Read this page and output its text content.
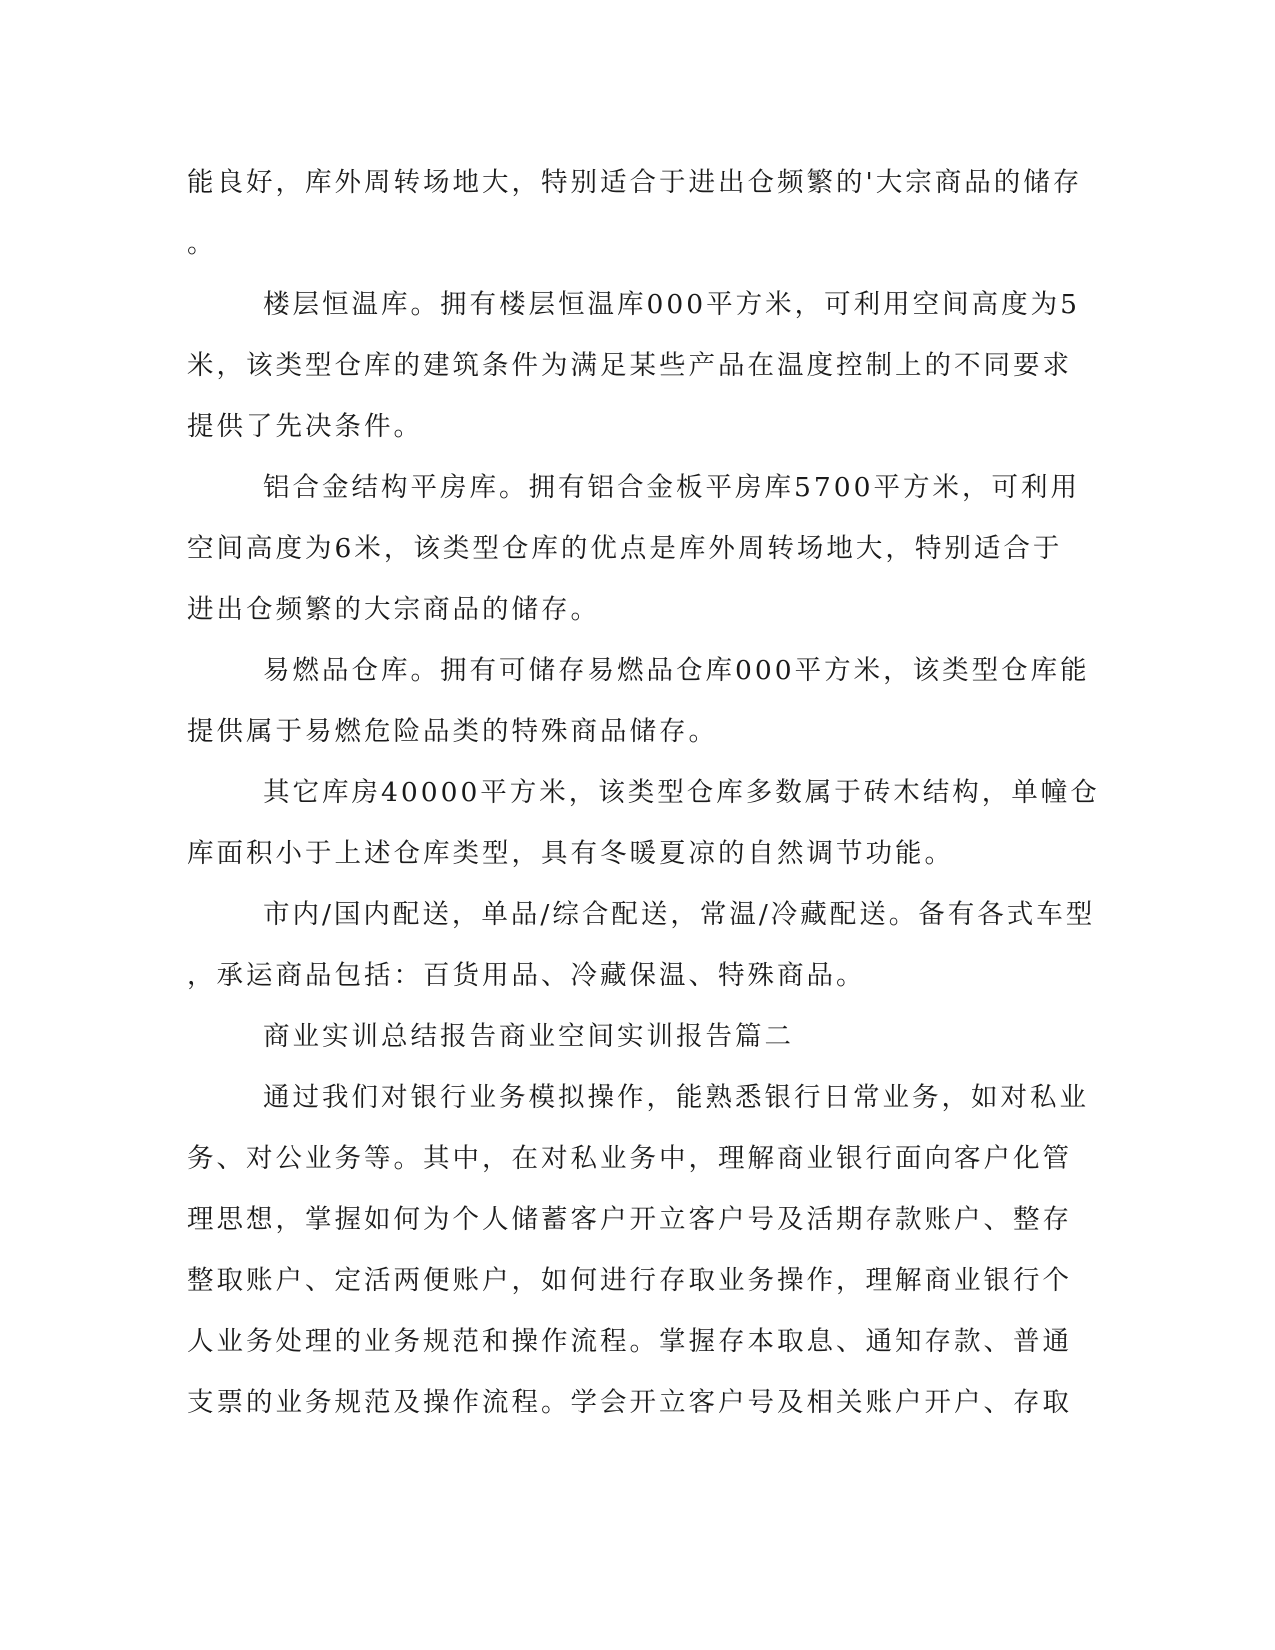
能良好，库外周转场地大，特别适合于进出仓频繁的'大宗商品的储存
。
楼层恒温库。拥有楼层恒温库000平方米，可利用空间高度为5
米，该类型仓库的建筑条件为满足某些产品在温度控制上的不同要求
提供了先决条件。
铝合金结构平房库。拥有铝合金板平房库5700平方米，可利用
空间高度为6米，该类型仓库的优点是库外周转场地大，特别适合于
进出仓频繁的大宗商品的储存。
易燃品仓库。拥有可储存易燃品仓库000平方米，该类型仓库能
提供属于易燃危险品类的特殊商品储存。
其它库房40000平方米，该类型仓库多数属于砖木结构，单幢仓
库面积小于上述仓库类型，具有冬暖夏凉的自然调节功能。
市内/国内配送，单品/综合配送，常温/冷藏配送。备有各式车型
，承运商品包括：百货用品、冷藏保温、特殊商品。
商业实训总结报告商业空间实训报告篇二
通过我们对银行业务模拟操作，能熟悉银行日常业务，如对私业
务、对公业务等。其中，在对私业务中，理解商业银行面向客户化管
理思想，掌握如何为个人储蓄客户开立客户号及活期存款账户、整存
整取账户、定活两便账户，如何进行存取业务操作，理解商业银行个
人业务处理的业务规范和操作流程。掌握存本取息、通知存款、普通
支票的业务规范及操作流程。学会开立客户号及相关账户开户、存取
